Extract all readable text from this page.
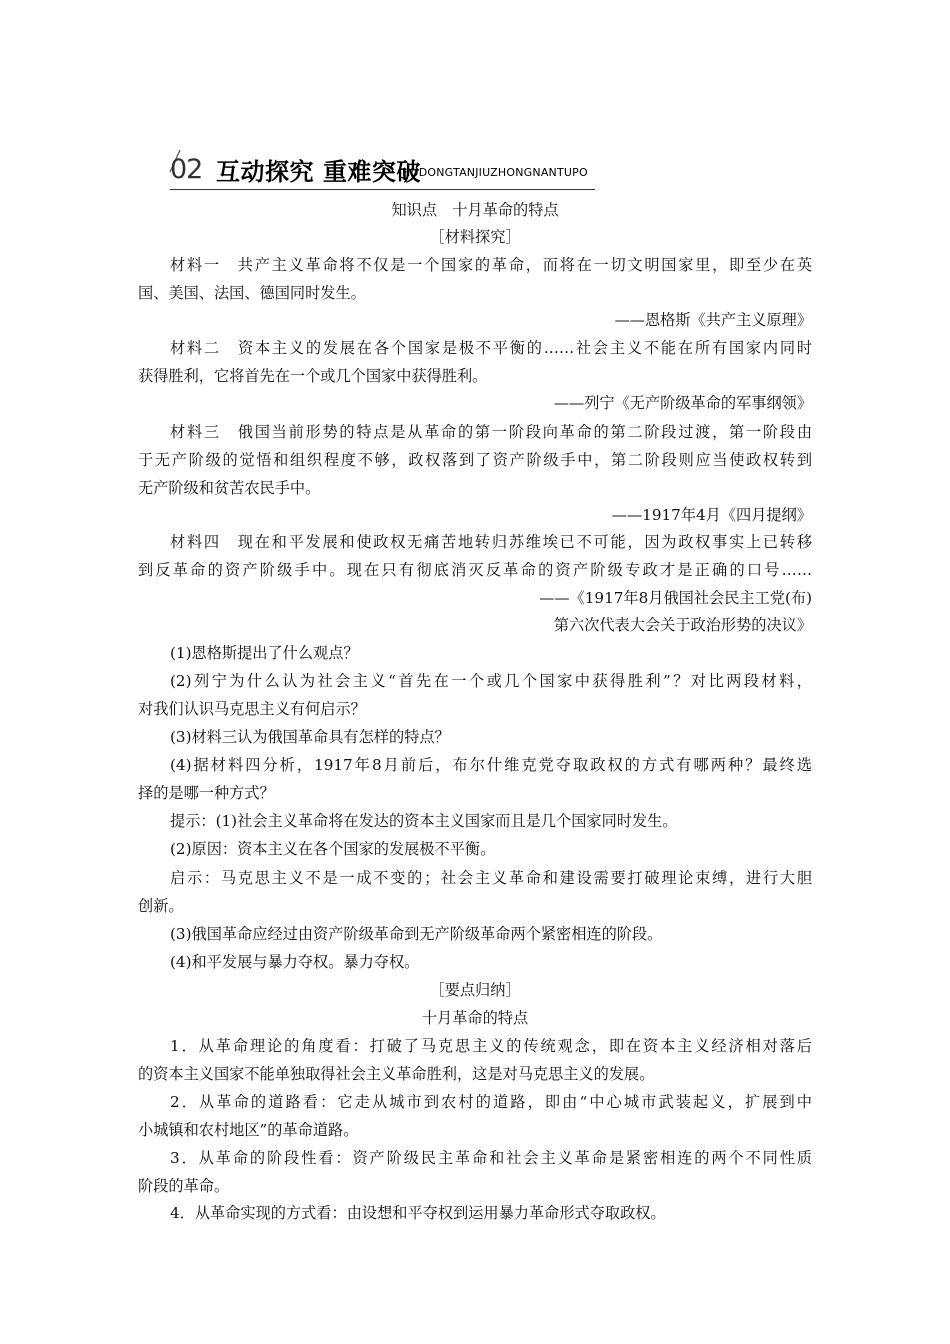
02 互动探究 重难突破
HUDONGTANJIUZHONGNANTUPO
知识点　十月革命的特点
［材料探究］
材料一　共产主义革命将不仅是一个国家的革命，而将在一切文明国家里，即至少在英
国、美国、法国、德国同时发生。
——恩格斯《共产主义原理》
材料二　资本主义的发展在各个国家是极不平衡的……社会主义不能在所有国家内同时
获得胜利，它将首先在一个或几个国家中获得胜利。
——列宁《无产阶级革命的军事纲领》
材料三　俄国当前形势的特点是从革命的第一阶段向革命的第二阶段过渡，第一阶段由
于无产阶级的觉悟和组织程度不够，政权落到了资产阶级手中，第二阶段则应当使政权转到
无产阶级和贫苦农民手中。
——1917年4月《四月提纲》
材料四　现在和平发展和使政权无痛苦地转归苏维埃已不可能，因为政权事实上已转移
到反革命的资产阶级手中。现在只有彻底消灭反革命的资产阶级专政才是正确的口号……
——《1917年8月俄国社会民主工党(布)
第六次代表大会关于政治形势的决议》
(1)恩格斯提出了什么观点？
(2)列宁为什么认为社会主义“首先在一个或几个国家中获得胜利”？对比两段材料，
对我们认识马克思主义有何启示？
(3)材料三认为俄国革命具有怎样的特点？
(4)据材料四分析，1917年8月前后，布尔什维克党夺取政权的方式有哪两种？最终选
择的是哪一种方式？
提示：(1)社会主义革命将在发达的资本主义国家而且是几个国家同时发生。
(2)原因：资本主义在各个国家的发展极不平衡。
启示：马克思主义不是一成不变的；社会主义革命和建设需要打破理论束缚，进行大胆
创新。
(3)俄国革命应经过由资产阶级革命到无产阶级革命两个紧密相连的阶段。
(4)和平发展与暴力夺权。暴力夺权。
［要点归纳］
十月革命的特点
1．从革命理论的角度看：打破了马克思主义的传统观念，即在资本主义经济相对落后
的资本主义国家不能单独取得社会主义革命胜利，这是对马克思主义的发展。
2．从革命的道路看：它走从城市到农村的道路，即由“中心城市武装起义，扩展到中
小城镇和农村地区”的革命道路。
3．从革命的阶段性看：资产阶级民主革命和社会主义革命是紧密相连的两个不同性质
阶段的革命。
4．从革命实现的方式看：由设想和平夺权到运用暴力革命形式夺取政权。
